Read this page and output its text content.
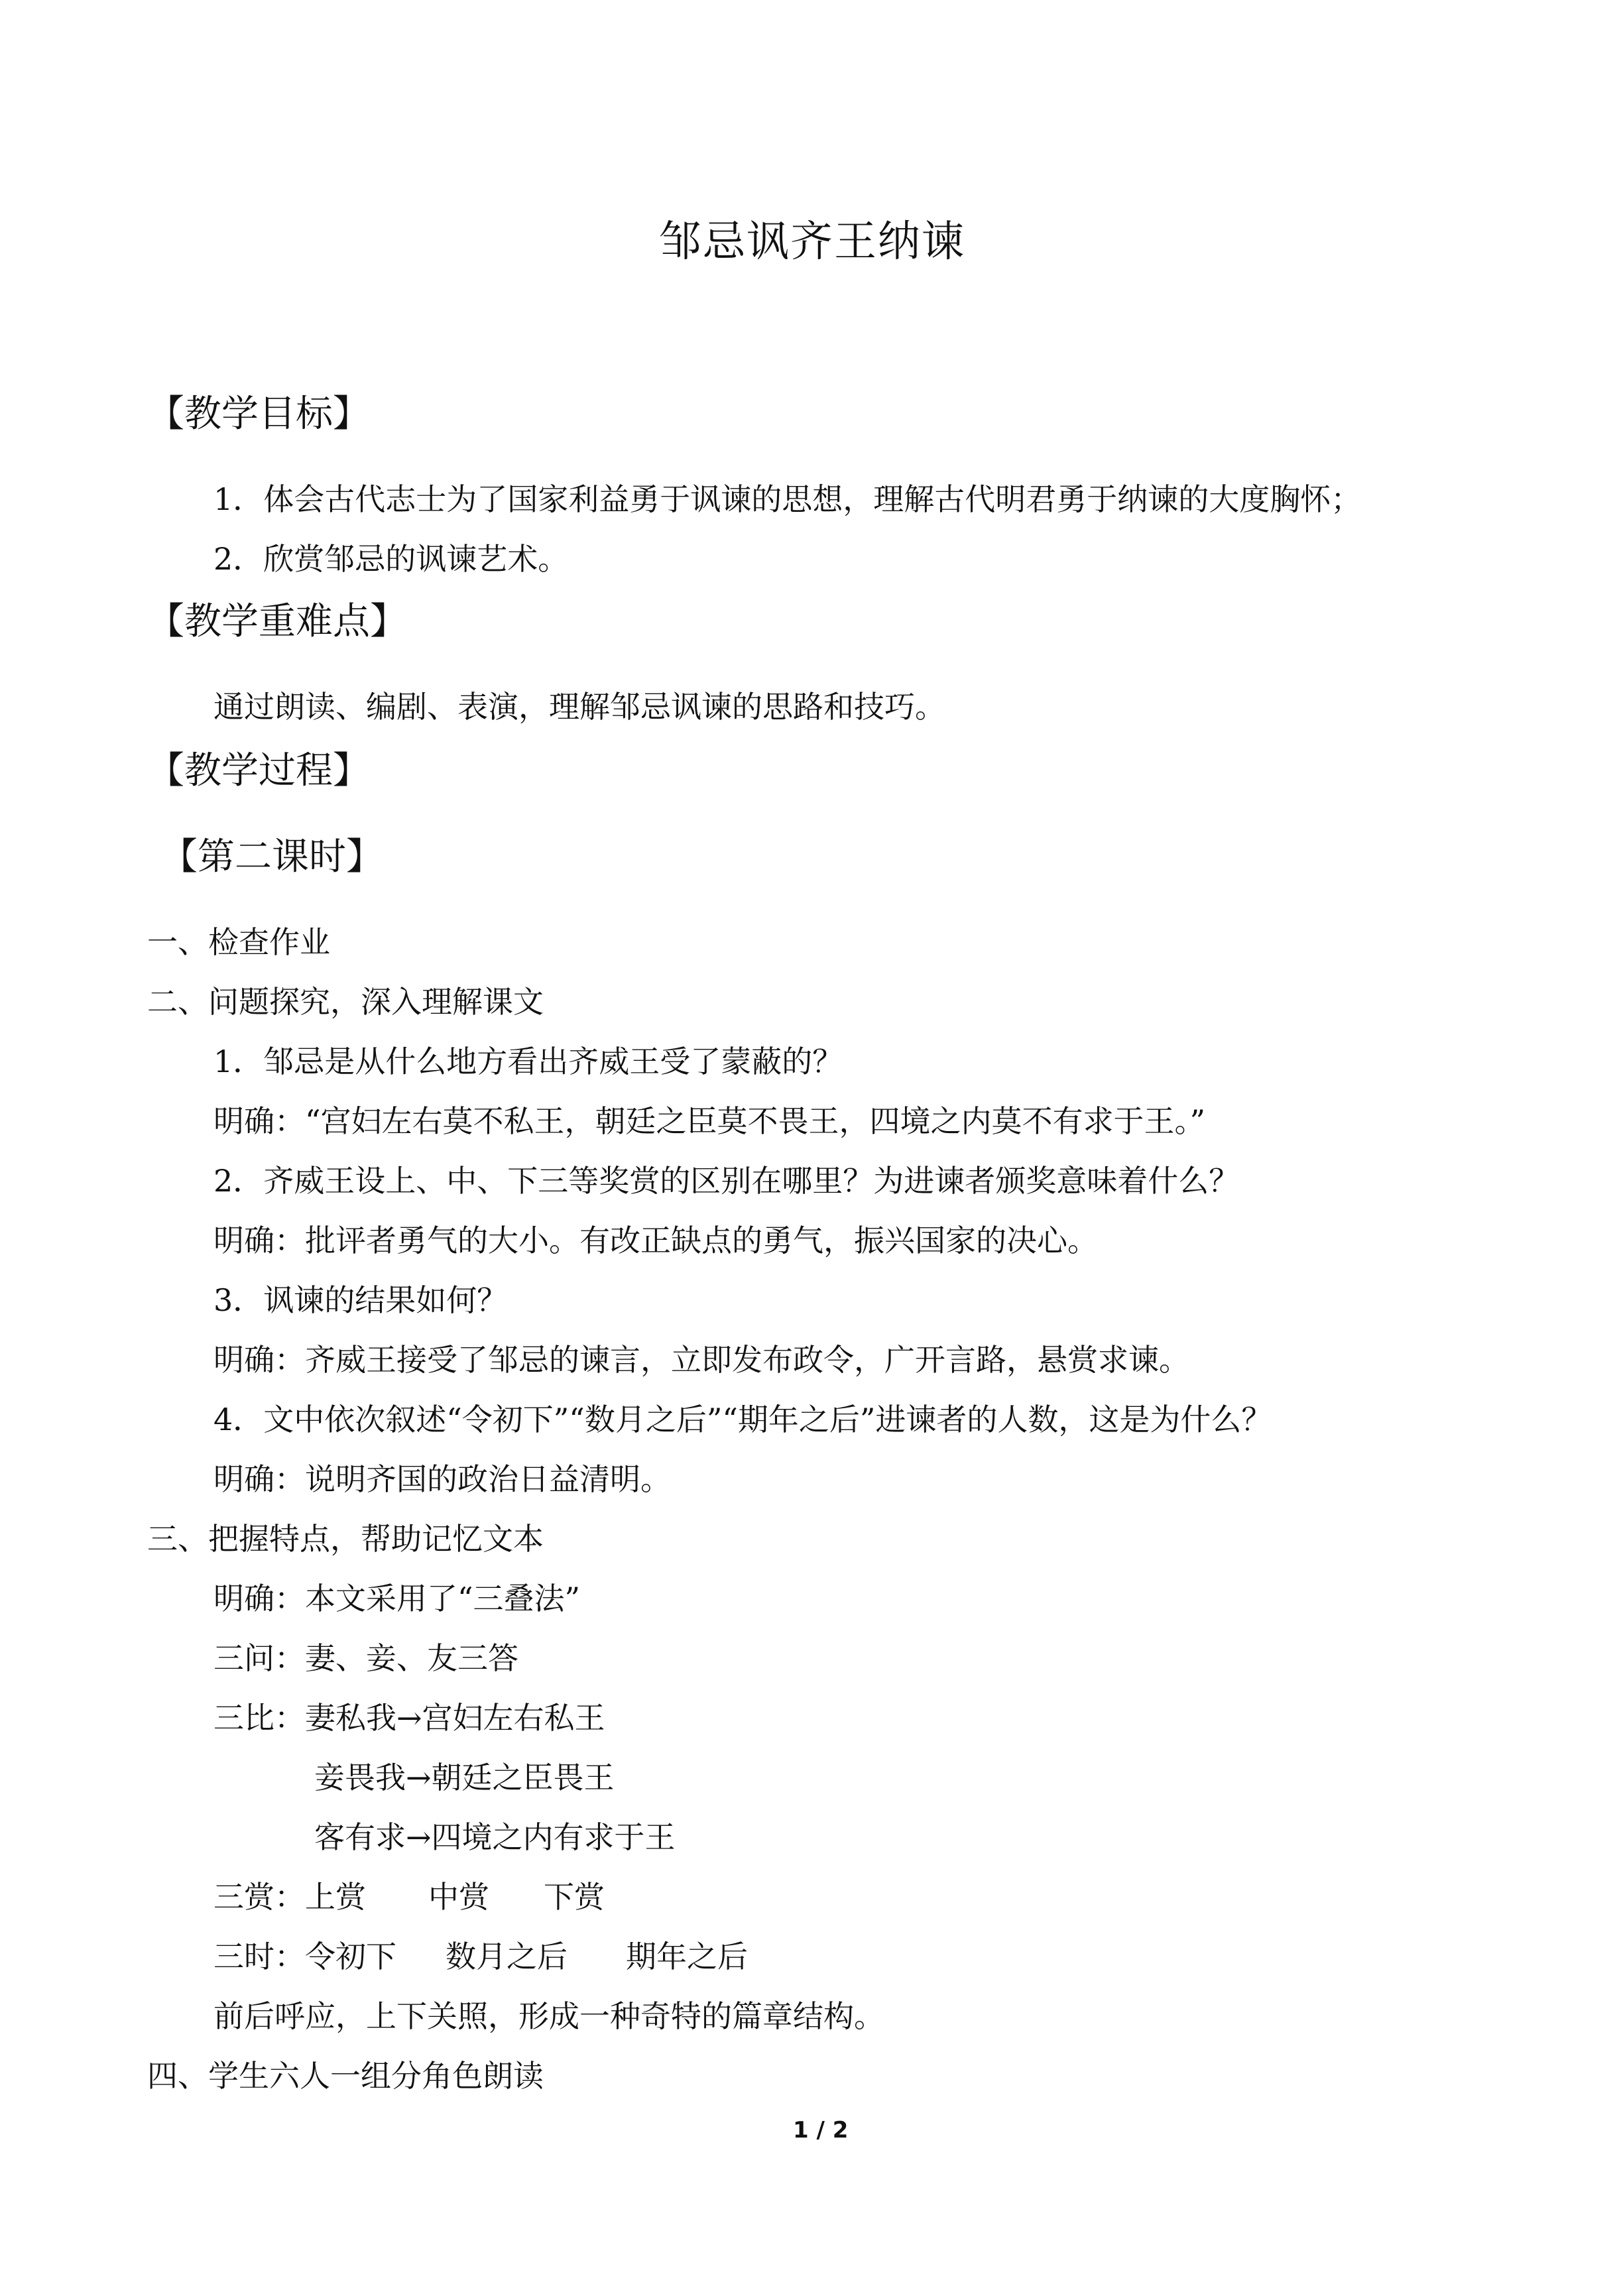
邹忌讽齐王纳谏
【教学目标】
1．体会古代志士为了国家利益勇于讽谏的思想，理解古代明君勇于纳谏的大度胸怀；
2．欣赏邹忌的讽谏艺术。
【教学重难点】
通过朗读、编剧、表演，理解邹忌讽谏的思路和技巧。
【教学过程】
【第二课时】
一、检查作业
二、问题探究，深入理解课文
1．邹忌是从什么地方看出齐威王受了蒙蔽的？
明确：“宫妇左右莫不私王，朝廷之臣莫不畏王，四境之内莫不有求于王。”
2．齐威王设上、中、下三等奖赏的区别在哪里？为进谏者颁奖意味着什么？
明确：批评者勇气的大小。有改正缺点的勇气，振兴国家的决心。
3．讽谏的结果如何？
明确：齐威王接受了邹忌的谏言，立即发布政令，广开言路，悬赏求谏。
4．文中依次叙述“令初下”“数月之后”“期年之后”进谏者的人数，这是为什么？
明确：说明齐国的政治日益清明。
三、把握特点，帮助记忆文本
明确：本文采用了“三叠法”
三问：妻、妾、友三答
三比：妻私我→宫妇左右私王
妾畏我→朝廷之臣畏王
客有求→四境之内有求于王
三赏：上赏 中赏 下赏
三时：令初下 数月之后 期年之后
前后呼应，上下关照，形成一种奇特的篇章结构。
四、学生六人一组分角色朗读
1 / 2
